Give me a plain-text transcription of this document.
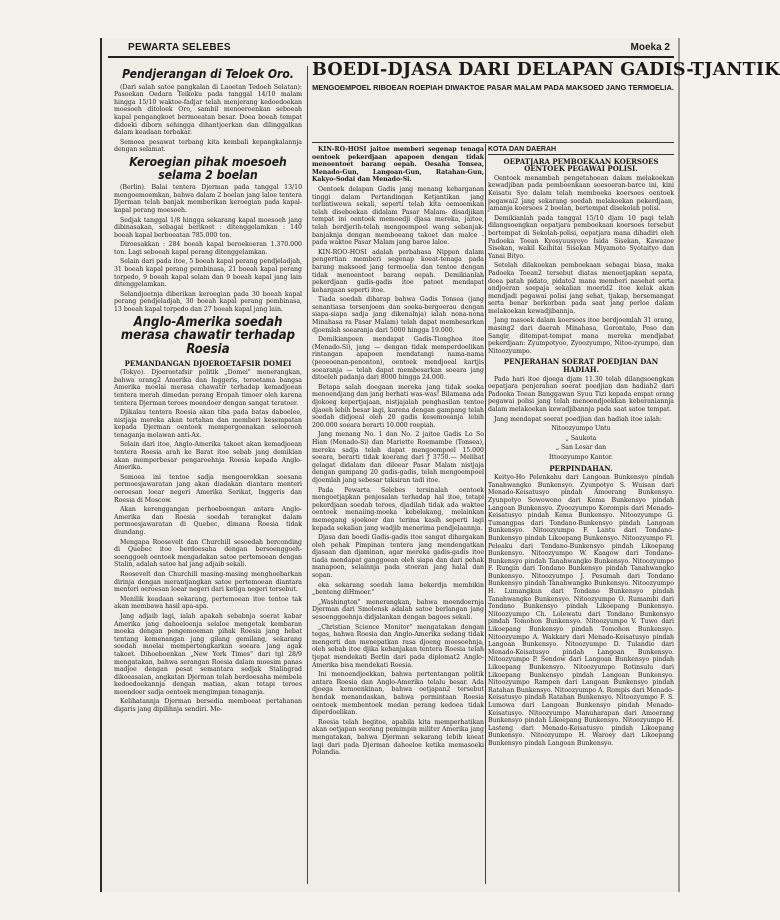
PEWARTA SELEBES	Moeka 2
Pendjerangan di Teloek Oro.

(Dari salah satoe pangkalan di Laoetan Tedoeh Selatan): Pasoekan Oedara Teikoku pada tanggal 14/10 malam hingga 15/10 waktoe-fadjar telah menjerang kedoedoekan moesoeh ditoloek Oro, sambil menoeroenkan seboeah kapal pengangkoet bermoeatan besar. Doea boeah tempat didoeki diborn sehingga dihantjoerkan dan dilinggalkan dalam keadaan terbakar.

Semoea pesawat terbang kita kembali kepangkalannja dengan selamat.

Keroegian pihak moesoeh selama 2 boelan

(Berlin). Balai tentera Djerman pada tanggal 13/10 mengoemoemkan, bahwa dalam 2 boelan jang laloe tentera Djerman telah banjak memberikan keroegian pada kapal-kapal perang moesoeh.

Sedjak tanggal 1/8 hingga sekarang kapal moesoeh jang dibinasakan, sebagai berikoet : ditenggelamkan : 140 boeah kapal berboeatan 785.000 ton.

Diroesakkan : 284 boeah kapal beroekoeran 1.370.000 ton. Lagi seboeah kapal perang ditenggelamkan.

Selain dari pada itoe, 5 boeah kapal perang pendjeladjah, 31 boeah kapal perang pembinasa, 21 boeah kapal perang torpedo, 9 boeah kapal selam dan 9 boeah kapal jang lain ditenggelamkan.

Selandjoetnja diberikan keroegian pada 30 boeah kapal perang pendjeladjah, 30 boeah kapal perang pembinasa, 13 boeah kapal torpedo dan 27 boeah kapal jang lain.

Anglo-Amerika soedah merasa chawatir terhadap Roesia
PEMANDANGAN DJOEROETAFSIR DOMEI

(Tokyo). Djoeroetafsir politik „Domei" menerangkan, bahwa orang2 Amerika dan Inggeris, teroetama bangsa Amerika moelai merasa chawatir terhadap kemadjoean tentera merah dimedan perang Eropah timoer oleh karena tentera Djerman teroes moendoer dengan sangat teratoer.

Djikalau tentera Roesia akan tiba pada batas daboelee, nistjaja mereka akan tertahan dan memberi kesempatan kepada Djerman oentoek mempergoenakan seloeroeh tenaganja melawan anti-Ax.

Selain dari itoe, Anglo-Amerika takoet akan kemadjoean tentera Roesia arah ke Barat itoe sebab jang demikian akan memperbesar pengaroehnja Roesia kepada Anglo-Amerika.

Semoea ini tentoe sadja mengoerokkan soesana permoesjawaratan jang akan diadakan diantara menteri oeroesan loear negeri Amerika Serikat, Inggeris dan Roesia di Moscow.

Akan kerenggangan perhoeboengan antara Anglo-Amerika dan Roesia soedah terangkat dalam permoesjawaratan di Quebec, dimana Roesia tidak diundang.

Mengapa Roosevelt dan Churchill sesoedah berconding di Quebec itoe berdoesaha dengan bersoenggoeh-soenggoeh oentoek mengadakan satoe pertemoean dengan Stalin, adalah satoe hal jang adjaib sekali.

Roosevelt dan Churchill masing-masing menghoebarkan dirinja dengan merantjangkan satoe pertemoean diantara menteri oeroesan loear negeri dari ketiga negeri tersebut.

Menilik keadaan sekarang, pertemoean itoe tentoe tak akan membawa hasil apa-apa.

Jang adjaib lagi, ialah apakah sebabnja soerat kabar Amerika jang dahoeloenja selaloe mengetak kembaran moeka dengan pengemoeman pihak Roesia jang hebat tentang kemenangan jang gilang gemilang, sekarang soedah moelai mempertengkarkan soeara jang agak takoet. Dihoeboenkan „New York Times" dari tgl 28/9 mengatakan, bahwa serangan Roesia dalam moesim panas madjoe dengan pesat semantara sedjak Stalingrad dikoeasaian, angkatan Djerman telah berdoesaha membela kedoedoekannja dengan matian, akan tetapi teroes moendoer sadja oentoek mengimpan tenaganja.

Kelihatannja Djerman bersedia memboeat pertahanan digaris jang dipilihnja sendiri. Me-

BOEDI-DJASA DARI DELAPAN GADIS-TJANTIK
MENGOEMPOEL RIBOEAN ROEPIAH DIWAKTOE PASAR MALAM PADA MAKSOED JANG TERMOELIA.

KIN-RO-HOSI jaitoe memberi segenap tenaga oentoek pekerdjaan apapoen dengan tidak menoentoet barang oepah. Oesaha Tonsea, Menado-Gun, Langoan-Gun, Ratahan-Gun, Kakyo-Sodai dan Menado-Si.

Oentoek delapan Gadis jang menang keharganan tinggi dalam Pertandingan Ketjantikan jang terlintiwewa sekali, seperti telah kita oemoemkan telah diseboekan didalam Pasar Malam- disadjikan tempat ini oentoek memoedji djasa mereka, jaitoe, telah berdjerih-telah mengoempoel wang sebanjak-banjaknja dengan memboeang takoet dan malce - pada waktoe Pasar Malam jang baroe laloe.

KIN-ROO-HOSI adalah perbahasa Nippon dalam pengertian memberi segenap koeat-tenaga pada barang maksoed jang termoelia dan tentoe dengan tidak menoentoet barang oepah. Demikianlah pekerdjaan gadis-gadis itoe patoet mendapat kehargaan seperti itoe.

Tiada soedah diharap bahwa Gadis Tonsea (jang senantiasa tersenjoem dan soeka-bergoerau dengan siapa-siapa sadja jang dikenalnja) ialah nona-nona Minahasa ra Pasar Malam) telah dapat membesarkan djoemlah soearanja dari 5000 hingga 19.000.

Demikianpoen mendapat Gadis-Tionghoa itoe (Menado-Si), jang — dengan tidak memperdoelikan rintangan apapoen mendatangi nama-nama (peoeoenan-penonton), oentoek mendjoeal kartjis soearanja — telah dapat membesarkan soeara jang ditoeleh padanja dari 8000 hingga 24.000.

Betapa salah doegaan mereka jang tidak soeka menoendjang dan jang berhati was-was! Bilamana ada djokoeg kepertjajaan, nistjajalah penghasilan tentoe djaoeh lebih besar lagi, karena dengan gampang telah soedah didjoeal oleh 20 gadis kesemoeanja lebih 200.000 soeara berarti 10.000 roepiah.

Jang menang No. 1 dan No. 2 jaitoe Gadis Lo So Hian (Menado-Si) dan Mariette Roemambe (Tonsea), mereka sadja telah dapat mengoempoel 15.000 soeara, berarti tidak koerang dari ƒ 3750.— Melihat gelagat didalam dan diloear Pasar Malam nistjaja dengan gampang 20 gadis-gadis, telah mengoempoel djoemlah jang sebesar taksiran tadi itoe.

Pada Pewarta Selebes tersinalah oentoek mengoetjapkan penjesalan terhadap hal itoe, tetapi pekerdjaan soedah teroes, djadilah tidak ada waktoe oentoek menaiing-moeka kebelakang, melainkan memegang sjoekoer dan terima kasih seperti lagi kepada sekalian jang wadjib menerima pendjelaannja.

Djasa dan boedi Gadis-gadis itoe sangat dihargakan oleh pehak Pimpinan tentera jang mendengatkan djasaan dan djaminan, agar mereka gadis-gadis itoe tiada mendapat ganggoean oleh siapa dan dari pehak manapoen, selainnja pada stoeran jang halal dan sopan.

eka sekarang soedah lama bekerdja membikin „benteng diHmoer."

„Washington" menerangkan, bahwa moendoernja Djerman dari Smolensk adalah satoe berlangan jang sesoenggoehnja didjalankan dengan bagoes sekali.

„Christian Science Monitor" mengatakan dengan tegas, bahwa Roesia dan Anglo-Amerika sedang tidak mengerti dan menepatkan rasa djoeng moesoehnja, oleh sebab itoe djika kebanjakan tentera Roesia telah tjepat mendekati Berlin dari pada diplomat2 Anglo-Amerika bisa mendekati Roesia.

Ini menoendjoekkan, bahwa pertentangan politik antara Roesia dan Anglo-Amerika telalu besar. Ada djoega kemoenkinan, bahwa oetjapan2 tersebut hendak menandaskan, bahwa permintaan Roesia oentoek membentoek medan perang kedoea tidak diperdoelikan.

Roesia telah begitoe, apabila kita memperhatikan akan oetjapan seorang pemimpin militer Amerika jang mengatakan, bahwa Djerman sekarang lebih koeat lagi dari pada Djerman dahoeloe ketika memasoeki Polandia.

KOTA DAN DAERAH
OEPATJARA PEMBOEKAAN KOERSOES OENTOEK PEGAWAI POLISI.

Oentoek menambah pengetahoean dalam melakoekan kewadjiban pada pemboenkaan soesoeran-barce ini, kini Keisatu Syo dalam telah memboeka koersoes oentoek pegawai2 jang sekarang soedah melakoekan pekerdjaan, jamanja koersoes 2 boelan, bertempat disekolah polisi.

Demikianlah pada tanggal 15/10 djam 10 pagi telah dilangsoengkan oepatjara pemboekaan koersoes tersebut bertempat di Sekolah-polisi, oepatjara mana dihadiri oleh Padoeka Toean Kyosyuusyoyo Isida Sisekan, Kawazoe Sisekan, wakil Keibitai Sisekan Miyamoto Syotaityo dan Yanai Bityo.

Setelah dilakoekan pemboekaan sebagai biasa, maka Padoeka Toean2 tersebut diatas menoetjapkan sepata, doea patah pidato, pidato2 mana memberi nasehat serta andjoeran soepaja sekalian moerid2 itoe kelak akan mendjadi pegawai polisi jang sehat, tjakap, bersemangat serta benar berkorban pada saat jang perloe dalam melakoekan kewadjibannja.

Jang masoek dalam koersoes itoe berdjoemlah 31 orang, masing2 dari daerah Minahasa, Gorontalo, Poso dan Sangir, ditempat-tempat mana mereka mendjabat pekerdjaan: Zyumpotyoo, Zyoozyumpo, Nitoo-zyumpo, dan Nitoozyumpo.

PENJERAHAN SOERAT POEDJIAN DAN HADIAH.

Pada hari itoe djoega djam 11.30 telah dilangsoengkan oepatjara penjerahan soerat poedjian dan hadiah2 dari Padoeka Toean Banggawan Syuu Tizi kepada empat orang pegawai polisi jang telah menoendjoekkan keberaniannja dalam melakoekan kewadjibannja pada saat satoe tempat.

Jang mendapat soerat poedjian dan hadiah itoe ialah:

Nitoozyumpo Untu

„ Saukota

„ San Lesar dan

Ittoozyumpo Kantor.

PERPINDAHAN.

Keityo-Ho Pelenkahu dari Langoan Bunkensyo pindah Tanahwangko Bunkensyo. Zyunpotyo S. Wuisan dari Menado-Keisatusyo pindah Amoerang Bunkensyo. Zyunpotyo Sowowono dari Kema Bunkensyo pindah Langoan Bunkensyo. Zyoozyumpo Korompis dari Menado-Keisatusyo pindah Kema Bunkensyo. Nitoozyumpo G. Tumangpas dari Tondano-Bunkensyo pindah Langoan Bunkensyo. Nitoozyumpo F. Lantu dari Tondano-Bunkensyo pindah Likoepang Bunkensyo. Nitoozyumpo Fl. Peleaku dari Tondano-Bunkensyo pindah Likoepang Bunkensyo. Nitoozyumpo W. Kaagow dari Tondano-Bunkensyo pindah Tanahwangko Bunkensyo. Nitoozyumpo F. Rungin dari Tondano Bunkensyo pindah Tanahwangko Bunkensyo. Nitoozyumpo J. Pesumah dari Tondano Bunkensyo pindah Tanahwangko Bunkensyo. Nitoozyumpo H. Lumangkun dari Tondano Bunkensyo pindah Tanahwangko Bunkensyo. Nitoozyumpo O. Rumambi dari Tondano Bunkensyo pindah Likoepang Bunkensyo. Nitoozyumpo Ch. Lolewatu dari Tondano Bunkensyo pindah Tomohon Bunkensyo. Nitoozyumpo V. Tuwo dari Likoepang Bunkensyo pindah Tomohon Bunkensyo. Nitoozyumpo A. Wakkary dari Menado-Keisatusyo pindah Langoan Bunkensyo. Nitoozyumpo D. Tulandie dari Menado-Keisatusyo pindah Langoan Bunkensyo. Nitoozyumpo P. Sendow dari Langoan Bunkensyo pindah Likoepang Bunkensyo. Nitoozyumpo Rotinsulu dari Likoepang Bunkensyo pindah Langoan Bunkensyo. Nitoozyumpo Rampen dari Langoan Bunkensyo pindah Ratahan Bunkensyo. Nitoozyumpo A. Rompis dari Menado-Keisatusyo pindah Ratahan Bunkensyo. Nitoozyumpo F. S. Lumowa dari Langoan Bunkensyo pindah Menado-Keisatusyo. Nitoozyumpo Manuharapan dari Amoerang Bunkensyo pindah Likoepang Bunkensyo. Nitoozyumpo H. Lasteng dari Menado-Keisatusyo pindah Likoepang Bunkensyo. Nitoozyumpo H. Waroey dari Likoepang Bunkensyo pindah Langoan Bunkensyo.
